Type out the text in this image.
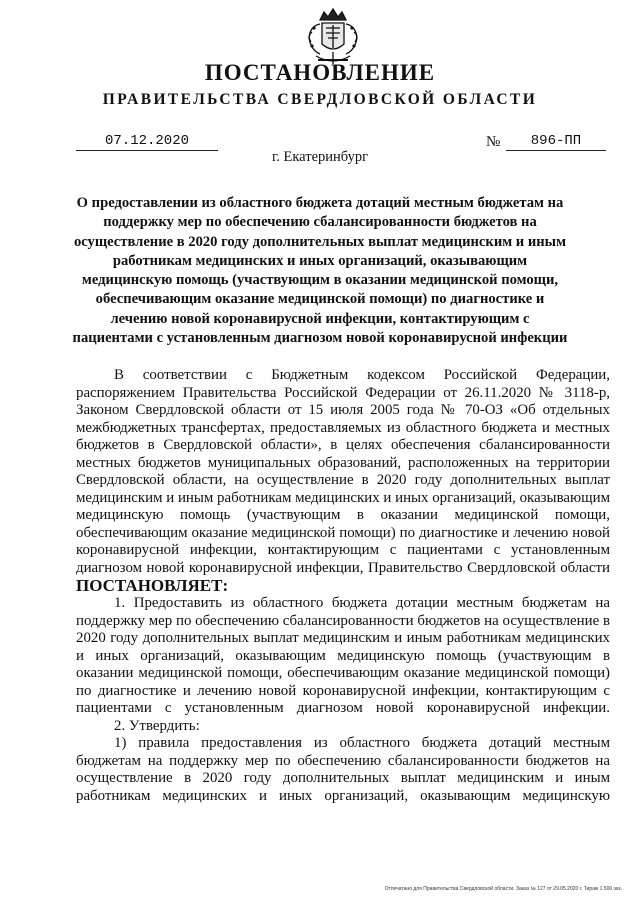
ПОСТАНОВЛЕНИЕ
ПРАВИТЕЛЬСТВА СВЕРДЛОВСКОЙ ОБЛАСТИ
07.12.2020	№	896-ПП
г. Екатеринбург
О предоставлении из областного бюджета дотаций местным бюджетам на поддержку мер по обеспечению сбалансированности бюджетов на осуществление в 2020 году дополнительных выплат медицинским и иным работникам медицинских и иных организаций, оказывающим медицинскую помощь (участвующим в оказании медицинской помощи, обеспечивающим оказание медицинской помощи) по диагностике и лечению новой коронавирусной инфекции, контактирующим с пациентами с установленным диагнозом новой коронавирусной инфекции

В соответствии с Бюджетным кодексом Российской Федерации, распоряжением Правительства Российской Федерации от 26.11.2020 № 3118-р, Законом Свердловской области от 15 июля 2005 года № 70-ОЗ «Об отдельных межбюджетных трансфертах, предоставляемых из областного бюджета и местных бюджетов в Свердловской области», в целях обеспечения сбалансированности местных бюджетов муниципальных образований, расположенных на территории Свердловской области, на осуществление в 2020 году дополнительных выплат медицинским и иным работникам медицинских и иных организаций, оказывающим медицинскую помощь (участвующим в оказании медицинской помощи, обеспечивающим оказание медицинской помощи) по диагностике и лечению новой коронавирусной инфекции, контактирующим с пациентами с установленным диагнозом новой коронавирусной инфекции, Правительство Свердловской области

ПОСТАНОВЛЯЕТ:

1. Предоставить из областного бюджета дотации местным бюджетам на поддержку мер по обеспечению сбалансированности бюджетов на осуществление в 2020 году дополнительных выплат медицинским и иным работникам медицинских и иных организаций, оказывающим медицинскую помощь (участвующим в оказании медицинской помощи, обеспечивающим оказание медицинской помощи) по диагностике и лечению новой коронавирусной инфекции, контактирующим с пациентами с установленным диагнозом новой коронавирусной инфекции.

2. Утвердить:

1) правила предоставления из областного бюджета дотаций местным бюджетам на поддержку мер по обеспечению сбалансированности бюджетов на осуществление в 2020 году дополнительных выплат медицинским и иным работникам медицинских и иных организаций, оказывающим медицинскую

Отпечатано для Правительства Свердловской области. Заказ № 127 от 29.05.2020 г. Тираж 1 500 экз.
